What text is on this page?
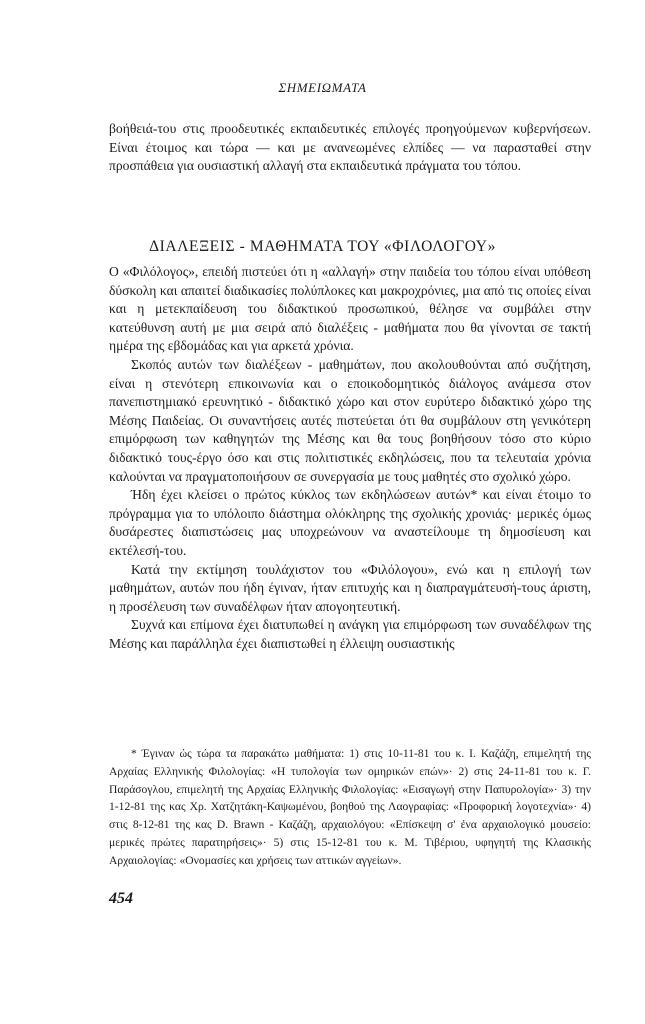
ΣΗΜΕΙΩΜΑΤΑ

βοήθειά-του στις προοδευτικές εκπαιδευτικές επιλογές προηγούμενων κυβερνήσεων. Είναι έτοιμος και τώρα — και με ανανεωμένες ελπίδες — να παρασταθεί στην προσπάθεια για ουσιαστική αλλαγή στα εκπαιδευτικά πράγματα του τόπου.

ΔΙΑΛΕΞΕΙΣ - ΜΑΘΗΜΑΤΑ ΤΟΥ «ΦΙΛΟΛΟΓΟΥ»

Ο «Φιλόλογος», επειδή πιστεύει ότι η «αλλαγή» στην παιδεία του τόπου είναι υπόθεση δύσκολη και απαιτεί διαδικασίες πολύπλοκες και μακροχρόνιες, μια από τις οποίες είναι και η μετεκπαίδευση του διδακτικού προσωπικού, θέλησε να συμβάλει στην κατεύθυνση αυτή με μια σειρά από διαλέξεις - μαθήματα που θα γίνονται σε τακτή ημέρα της εβδομάδας και για αρκετά χρόνια.

Σκοπός αυτών των διαλέξεων - μαθημάτων, που ακολουθούνται από συζήτηση, είναι η στενότερη επικοινωνία και ο εποικοδομητικός διάλογος ανάμεσα στον πανεπιστημιακό ερευνητικό - διδακτικό χώρο και στον ευρύτερο διδακτικό χώρο της Μέσης Παιδείας. Οι συναντήσεις αυτές πιστεύεται ότι θα συμβάλουν στη γενικότερη επιμόρφωση των καθηγητών της Μέσης και θα τους βοηθήσουν τόσο στο κύριο διδακτικό τους-έργο όσο και στις πολιτιστικές εκδηλώσεις, που τα τελευταία χρόνια καλούνται να πραγματοποιήσουν σε συνεργασία με τους μαθητές στο σχολικό χώρο.

Ήδη έχει κλείσει ο πρώτος κύκλος των εκδηλώσεων αυτών* και είναι έτοιμο το πρόγραμμα για το υπόλοιπο διάστημα ολόκληρης της σχολικής χρονιάς· μερικές όμως δυσάρεστες διαπιστώσεις μας υποχρεώνουν να αναστείλουμε τη δημοσίευση και εκτέλεσή-του.

Κατά την εκτίμηση τουλάχιστον του «Φιλόλογου», ενώ και η επιλογή των μαθημάτων, αυτών που ήδη έγιναν, ήταν επιτυχής και η διαπραγμάτευσή-τους άριστη, η προσέλευση των συναδέλφων ήταν απογοητευτική.

Συχνά και επίμονα έχει διατυπωθεί η ανάγκη για επιμόρφωση των συναδέλφων της Μέσης και παράλληλα έχει διαπιστωθεί η έλλειψη ουσιαστικής

* Έγιναν ώς τώρα τα παρακάτω μαθήματα: 1) στις 10-11-81 του κ. Ι. Καζάζη, επιμελητή της Αρχαίας Ελληνικής Φιλολογίας: «Η τυπολογία των ομηρικών επών»· 2) στις 24-11-81 του κ. Γ. Παράσογλου, επιμελητή της Αρχαίας Ελληνικής Φιλολογίας: «Εισαγωγή στην Παπυρολογία»· 3) την 1-12-81 της κας Χρ. Χατζητάκη-Καψωμένου, βοηθού της Λαογραφίας: «Προφορική λογοτεχνία»· 4) στις 8-12-81 της κας D. Brawn - Καζάζη, αρχαιολόγου: «Επίσκεψη σ' ένα αρχαιολογικό μουσείο: μερικές πρώτες παρατηρήσεις»· 5) στις 15-12-81 του κ. Μ. Τιβέριου, υφηγητή της Κλασικής Αρχαιολογίας: «Ονομασίες και χρήσεις των αττικών αγγείων».

454
